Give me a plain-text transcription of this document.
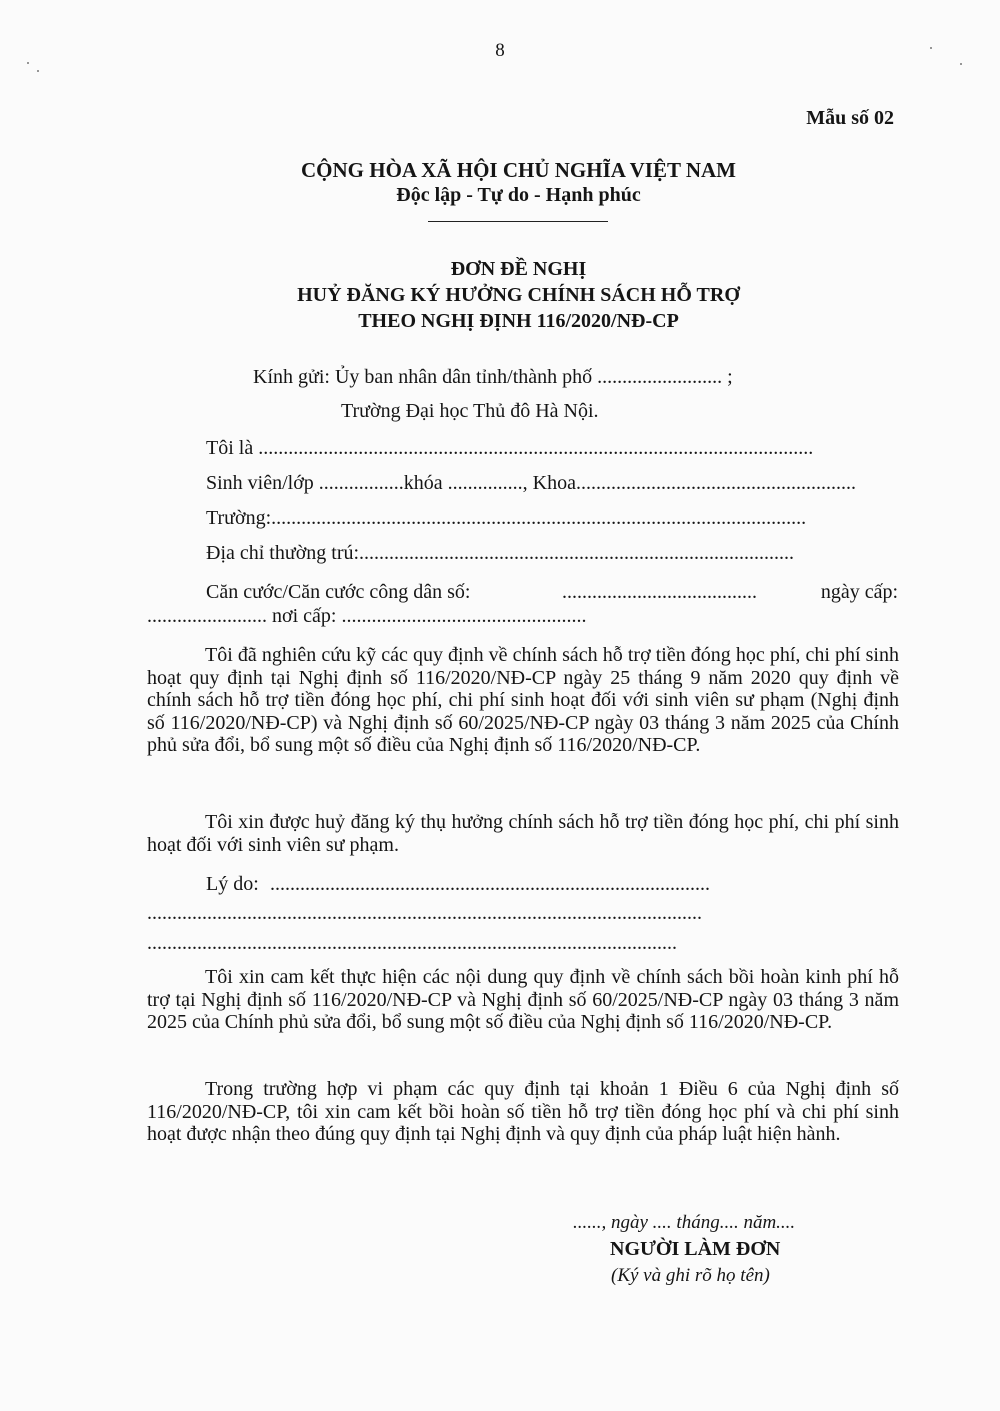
8
Mẫu số 02
CỘNG HÒA XÃ HỘI CHỦ NGHĨA VIỆT NAM
Độc lập - Tự do - Hạnh phúc
ĐƠN ĐỀ NGHỊ
HUỶ ĐĂNG KÝ HƯỞNG CHÍNH SÁCH HỖ TRỢ
THEO NGHỊ ĐỊNH 116/2020/NĐ-CP
Kính gửi: Ủy ban nhân dân tỉnh/thành phố ......................... ;
Trường Đại học Thủ đô Hà Nội.
Tôi là ...............................................................................................................
Sinh viên/lớp .................khóa ..............., Khoa........................................................
Trường:...........................................................................................................
Địa chỉ thường trú:.......................................................................................
Căn cước/Căn cước công dân số:	.......................................	ngày cấp:
........................ nơi cấp: .................................................
Tôi đã nghiên cứu kỹ các quy định về chính sách hỗ trợ tiền đóng học phí, chi phí sinh hoạt quy định tại Nghị định số 116/2020/NĐ-CP ngày 25 tháng 9 năm 2020 quy định về chính sách hỗ trợ tiền đóng học phí, chi phí sinh hoạt đối với sinh viên sư phạm (Nghị định số 116/2020/NĐ-CP) và Nghị định số 60/2025/NĐ-CP ngày 03 tháng 3 năm 2025 của Chính phủ sửa đổi, bổ sung một số điều của Nghị định số 116/2020/NĐ-CP.
Tôi xin được huỷ đăng ký thụ hưởng chính sách hỗ trợ tiền đóng học phí, chi phí sinh hoạt đối với sinh viên sư phạm.
Lý do: ........................................................................................
...............................................................................................................
..........................................................................................................
Tôi xin cam kết thực hiện các nội dung quy định về chính sách bồi hoàn kinh phí hỗ trợ tại Nghị định số 116/2020/NĐ-CP và Nghị định số 60/2025/NĐ-CP ngày 03 tháng 3 năm 2025 của Chính phủ sửa đổi, bổ sung một số điều của Nghị định số 116/2020/NĐ-CP.
Trong trường hợp vi phạm các quy định tại khoản 1 Điều 6 của Nghị định số 116/2020/NĐ-CP, tôi xin cam kết bồi hoàn số tiền hỗ trợ tiền đóng học phí và chi phí sinh hoạt được nhận theo đúng quy định tại Nghị định và quy định của pháp luật hiện hành.
......, ngày .... tháng.... năm....
NGƯỜI LÀM ĐƠN
(Ký và ghi rõ họ tên)
